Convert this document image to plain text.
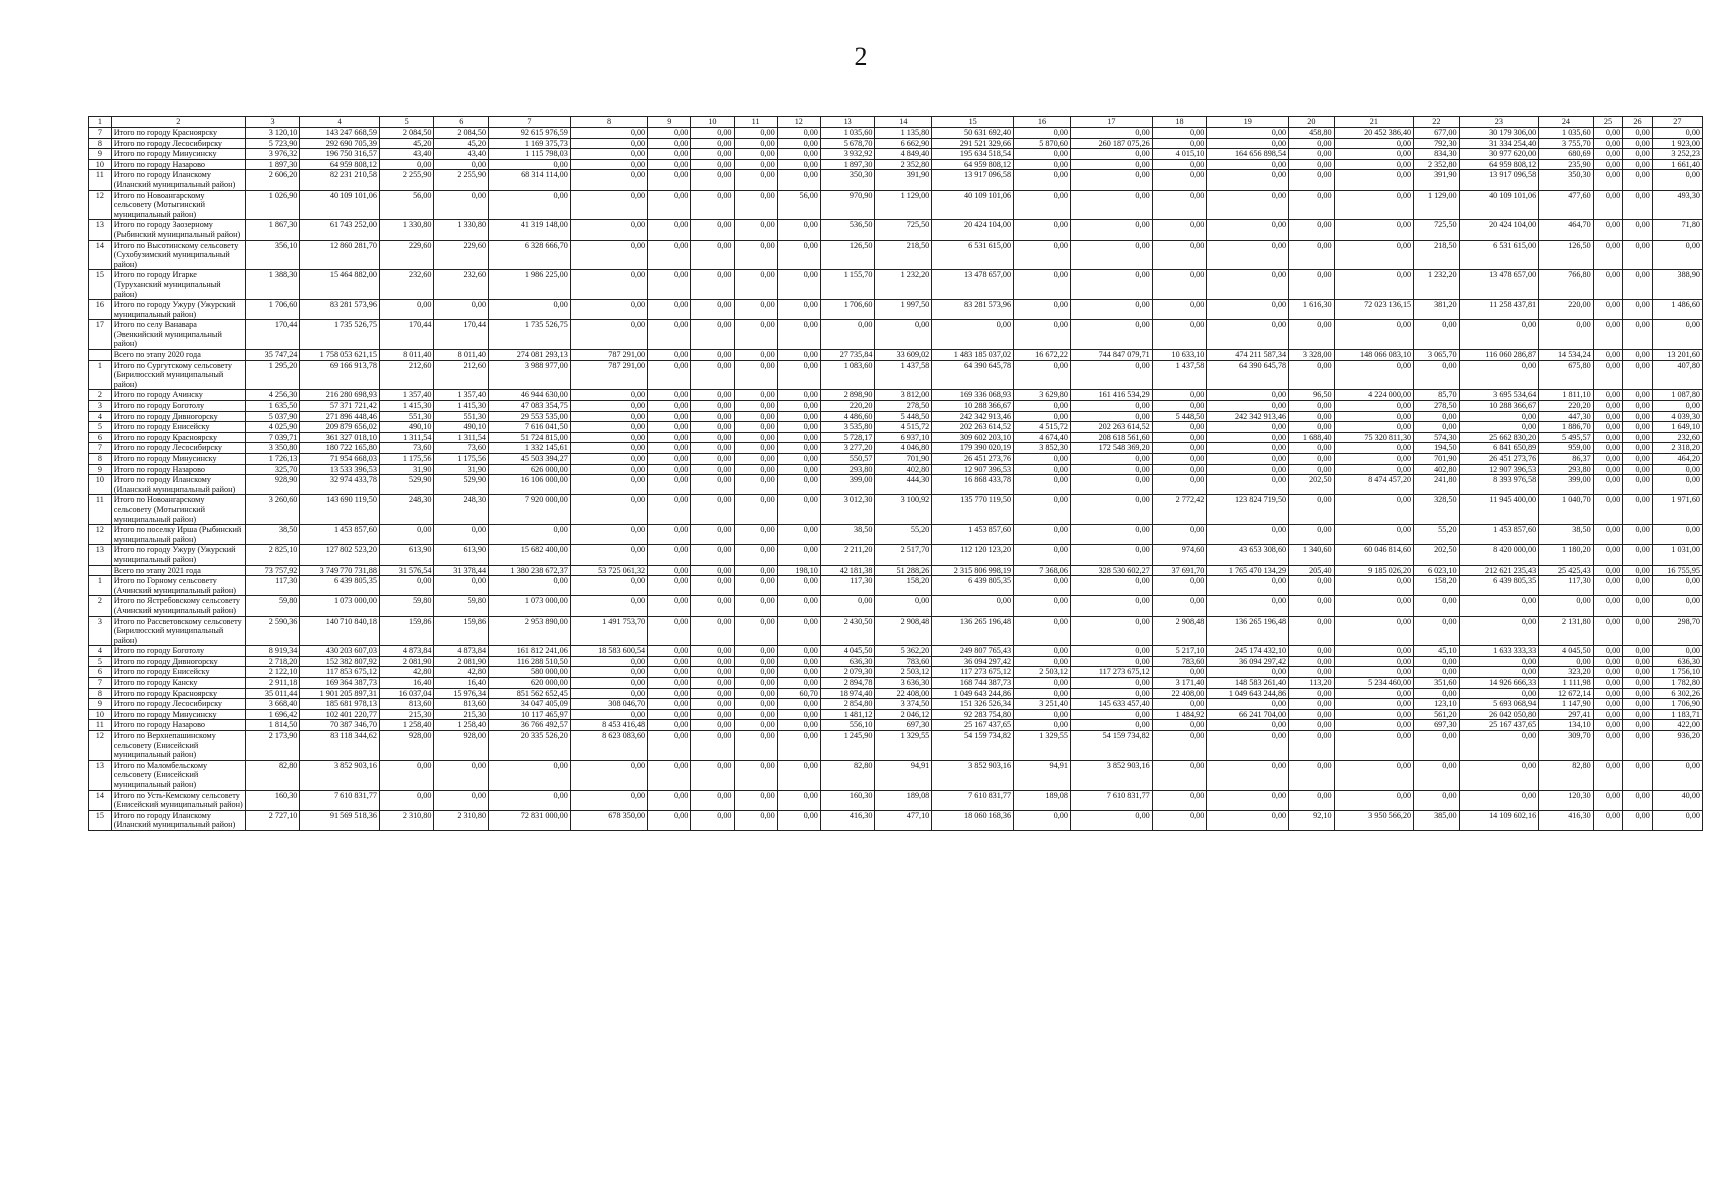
2
1	2	3	4	5	6	7	8	9	10	11	12	13	14	15	16	17	18	19	20	21	22	23	24	25	26	27
7	Итого по городу Красноярску	3 120,10	143 247 668,59	2 084,50	2 084,50	92 615 976,59	0,00	0,00	0,00	0,00	0,00	1 035,60	1 135,80	50 631 692,40	0,00	0,00	0,00	0,00	458,80	20 452 386,40	677,00	30 179 306,00	1 035,60	0,00	0,00	0,00
8	Итого по городу Лесосибирску	5 723,90	292 690 705,39	45,20	45,20	1 169 375,73	0,00	0,00	0,00	0,00	0,00	5 678,70	6 662,90	291 521 329,66	5 870,60	260 187 075,26	0,00	0,00	0,00	0,00	792,30	31 334 254,40	3 755,70	0,00	0,00	1 923,00
9	Итого по городу Минусинску	3 976,32	196 750 316,57	43,40	43,40	1 115 798,03	0,00	0,00	0,00	0,00	0,00	3 932,92	4 849,40	195 634 518,54	0,00	0,00	4 015,10	164 656 898,54	0,00	0,00	834,30	30 977 620,00	680,69	0,00	0,00	3 252,23
10	Итого по городу Назарово	1 897,30	64 959 808,12	0,00	0,00	0,00	0,00	0,00	0,00	0,00	0,00	1 897,30	2 352,80	64 959 808,12	0,00	0,00	0,00	0,00	0,00	0,00	2 352,80	64 959 808,12	235,90	0,00	0,00	1 661,40
11	Итого по городу Иланскому (Иланский муниципальный район)	2 606,20	82 231 210,58	2 255,90	2 255,90	68 314 114,00	0,00	0,00	0,00	0,00	0,00	350,30	391,90	13 917 096,58	0,00	0,00	0,00	0,00	0,00	0,00	391,90	13 917 096,58	350,30	0,00	0,00	0,00
12	Итого по Новоангарскому сельсовету (Мотыгинский муниципальный район)	1 026,90	40 109 101,06	56,00	0,00	0,00	0,00	0,00	0,00	0,00	56,00	970,90	1 129,00	40 109 101,06	0,00	0,00	0,00	0,00	0,00	0,00	1 129,00	40 109 101,06	477,60	0,00	0,00	493,30
13	Итого по городу Заозерному (Рыбинский муниципальный район)	1 867,30	61 743 252,00	1 330,80	1 330,80	41 319 148,00	0,00	0,00	0,00	0,00	0,00	536,50	725,50	20 424 104,00	0,00	0,00	0,00	0,00	0,00	0,00	725,50	20 424 104,00	464,70	0,00	0,00	71,80
14	Итого по Высотинскому сельсовету (Сухобузимский муниципальный район)	356,10	12 860 281,70	229,60	229,60	6 328 666,70	0,00	0,00	0,00	0,00	0,00	126,50	218,50	6 531 615,00	0,00	0,00	0,00	0,00	0,00	0,00	218,50	6 531 615,00	126,50	0,00	0,00	0,00
15	Итого по городу Игарке (Туруханский муниципальный район)	1 388,30	15 464 882,00	232,60	232,60	1 986 225,00	0,00	0,00	0,00	0,00	0,00	1 155,70	1 232,20	13 478 657,00	0,00	0,00	0,00	0,00	0,00	0,00	1 232,20	13 478 657,00	766,80	0,00	0,00	388,90
16	Итого по городу Ужуру (Ужурский муниципальный район)	1 706,60	83 281 573,96	0,00	0,00	0,00	0,00	0,00	0,00	0,00	0,00	1 706,60	1 997,50	83 281 573,96	0,00	0,00	0,00	0,00	1 616,30	72 023 136,15	381,20	11 258 437,81	220,00	0,00	0,00	1 486,60
17	Итого по селу Ванавара (Эвенкийский муниципальный район)	170,44	1 735 526,75	170,44	170,44	1 735 526,75	0,00	0,00	0,00	0,00	0,00	0,00	0,00	0,00	0,00	0,00	0,00	0,00	0,00	0,00	0,00	0,00	0,00	0,00	0,00	0,00
	Всего по этапу 2020 года	35 747,24	1 758 053 621,15	8 011,40	8 011,40	274 081 293,13	787 291,00	0,00	0,00	0,00	0,00	27 735,84	33 609,02	1 483 185 037,02	16 672,22	744 847 079,71	10 633,10	474 211 587,34	3 328,00	148 066 083,10	3 065,70	116 060 286,87	14 534,24	0,00	0,00	13 201,60
1	Итого по Сургутскому сельсовету (Бирилюсский муниципальный район)	1 295,20	69 166 913,78	212,60	212,60	3 988 977,00	787 291,00	0,00	0,00	0,00	0,00	1 083,60	1 437,58	64 390 645,78	0,00	0,00	1 437,58	64 390 645,78	0,00	0,00	0,00	0,00	675,80	0,00	0,00	407,80
2	Итого по городу Ачинску	4 256,30	216 280 698,93	1 357,40	1 357,40	46 944 630,00	0,00	0,00	0,00	0,00	0,00	2 898,90	3 812,00	169 336 068,93	3 629,80	161 416 534,29	0,00	0,00	96,50	4 224 000,00	85,70	3 695 534,64	1 811,10	0,00	0,00	1 087,80
3	Итого по городу Боготолу	1 635,50	57 371 721,42	1 415,30	1 415,30	47 083 354,75	0,00	0,00	0,00	0,00	0,00	220,20	278,50	10 288 366,67	0,00	0,00	0,00	0,00	0,00	0,00	278,50	10 288 366,67	220,20	0,00	0,00	0,00
4	Итого по городу Дивногорску	5 037,90	271 896 448,46	551,30	551,30	29 553 535,00	0,00	0,00	0,00	0,00	0,00	4 486,60	5 448,50	242 342 913,46	0,00	0,00	5 448,50	242 342 913,46	0,00	0,00	0,00	0,00	447,30	0,00	0,00	4 039,30
5	Итого по городу Енисейску	4 025,90	209 879 656,02	490,10	490,10	7 616 041,50	0,00	0,00	0,00	0,00	0,00	3 535,80	4 515,72	202 263 614,52	4 515,72	202 263 614,52	0,00	0,00	0,00	0,00	0,00	0,00	1 886,70	0,00	0,00	1 649,10
6	Итого по городу Красноярску	7 039,71	361 327 018,10	1 311,54	1 311,54	51 724 815,00	0,00	0,00	0,00	0,00	0,00	5 728,17	6 937,10	309 602 203,10	4 674,40	208 618 561,60	0,00	0,00	1 688,40	75 320 811,30	574,30	25 662 830,20	5 495,57	0,00	0,00	232,60
7	Итого по городу Лесосибирску	3 350,80	180 722 165,80	73,60	73,60	1 332 145,61	0,00	0,00	0,00	0,00	0,00	3 277,20	4 046,80	179 390 020,19	3 852,30	172 548 369,20	0,00	0,00	0,00	0,00	194,50	6 841 650,89	959,00	0,00	0,00	2 318,20
8	Итого по городу Минусинску	1 726,13	71 954 668,03	1 175,56	1 175,56	45 503 394,27	0,00	0,00	0,00	0,00	0,00	550,57	701,90	26 451 273,76	0,00	0,00	0,00	0,00	0,00	0,00	701,90	26 451 273,76	86,37	0,00	0,00	464,20
9	Итого по городу Назарово	325,70	13 533 396,53	31,90	31,90	626 000,00	0,00	0,00	0,00	0,00	0,00	293,80	402,80	12 907 396,53	0,00	0,00	0,00	0,00	0,00	0,00	402,80	12 907 396,53	293,80	0,00	0,00	0,00
10	Итого по городу Иланскому (Иланский муниципальный район)	928,90	32 974 433,78	529,90	529,90	16 106 000,00	0,00	0,00	0,00	0,00	0,00	399,00	444,30	16 868 433,78	0,00	0,00	0,00	0,00	202,50	8 474 457,20	241,80	8 393 976,58	399,00	0,00	0,00	0,00
11	Итого по Новоангарскому сельсовету (Мотыгинский муниципальный район)	3 260,60	143 690 119,50	248,30	248,30	7 920 000,00	0,00	0,00	0,00	0,00	0,00	3 012,30	3 100,92	135 770 119,50	0,00	0,00	2 772,42	123 824 719,50	0,00	0,00	328,50	11 945 400,00	1 040,70	0,00	0,00	1 971,60
12	Итого по поселку Ирша (Рыбинский муниципальный район)	38,50	1 453 857,60	0,00	0,00	0,00	0,00	0,00	0,00	0,00	0,00	38,50	55,20	1 453 857,60	0,00	0,00	0,00	0,00	0,00	0,00	55,20	1 453 857,60	38,50	0,00	0,00	0,00
13	Итого по городу Ужуру (Ужурский муниципальный район)	2 825,10	127 802 523,20	613,90	613,90	15 682 400,00	0,00	0,00	0,00	0,00	0,00	2 211,20	2 517,70	112 120 123,20	0,00	0,00	974,60	43 653 308,60	1 340,60	60 046 814,60	202,50	8 420 000,00	1 180,20	0,00	0,00	1 031,00
	Всего по этапу 2021 года	73 757,92	3 749 770 731,88	31 576,54	31 378,44	1 380 238 672,37	53 725 061,32	0,00	0,00	0,00	198,10	42 181,38	51 288,26	2 315 806 998,19	7 368,06	328 530 602,27	37 691,70	1 765 470 134,29	205,40	9 185 026,20	6 023,10	212 621 235,43	25 425,43	0,00	0,00	16 755,95
1	Итого по Горному сельсовету (Ачинский муниципальный район)	117,30	6 439 805,35	0,00	0,00	0,00	0,00	0,00	0,00	0,00	0,00	117,30	158,20	6 439 805,35	0,00	0,00	0,00	0,00	0,00	0,00	158,20	6 439 805,35	117,30	0,00	0,00	0,00
2	Итого по Ястребовскому сельсовету (Ачинский муниципальный район)	59,80	1 073 000,00	59,80	59,80	1 073 000,00	0,00	0,00	0,00	0,00	0,00	0,00	0,00	0,00	0,00	0,00	0,00	0,00	0,00	0,00	0,00	0,00	0,00	0,00	0,00	0,00
3	Итого по Рассветовскому сельсовету (Бирилюсский муниципальный район)	2 590,36	140 710 840,18	159,86	159,86	2 953 890,00	1 491 753,70	0,00	0,00	0,00	0,00	2 430,50	2 908,48	136 265 196,48	0,00	0,00	2 908,48	136 265 196,48	0,00	0,00	0,00	0,00	2 131,80	0,00	0,00	298,70
4	Итого по городу Боготолу	8 919,34	430 203 607,03	4 873,84	4 873,84	161 812 241,06	18 583 600,54	0,00	0,00	0,00	0,00	4 045,50	5 362,20	249 807 765,43	0,00	0,00	5 217,10	245 174 432,10	0,00	0,00	45,10	1 633 333,33	4 045,50	0,00	0,00	0,00
5	Итого по городу Дивногорску	2 718,20	152 382 807,92	2 081,90	2 081,90	116 288 510,50	0,00	0,00	0,00	0,00	0,00	636,30	783,60	36 094 297,42	0,00	0,00	783,60	36 094 297,42	0,00	0,00	0,00	0,00	0,00	0,00	0,00	636,30
6	Итого по городу Енисейску	2 122,10	117 853 675,12	42,80	42,80	580 000,00	0,00	0,00	0,00	0,00	0,00	2 079,30	2 503,12	117 273 675,12	2 503,12	117 273 675,12	0,00	0,00	0,00	0,00	0,00	0,00	323,20	0,00	0,00	1 756,10
7	Итого по городу Канску	2 911,18	169 364 387,73	16,40	16,40	620 000,00	0,00	0,00	0,00	0,00	0,00	2 894,78	3 636,30	168 744 387,73	0,00	0,00	3 171,40	148 583 261,40	113,20	5 234 460,00	351,60	14 926 666,33	1 111,98	0,00	0,00	1 782,80
8	Итого по городу Красноярску	35 011,44	1 901 205 897,31	16 037,04	15 976,34	851 562 652,45	0,00	0,00	0,00	0,00	60,70	18 974,40	22 408,00	1 049 643 244,86	0,00	0,00	22 408,00	1 049 643 244,86	0,00	0,00	0,00	0,00	12 672,14	0,00	0,00	6 302,26
9	Итого по городу Лесосибирску	3 668,40	185 681 978,13	813,60	813,60	34 047 405,09	308 046,70	0,00	0,00	0,00	0,00	2 854,80	3 374,50	151 326 526,34	3 251,40	145 633 457,40	0,00	0,00	0,00	0,00	123,10	5 693 068,94	1 147,90	0,00	0,00	1 706,90
10	Итого по городу Минусинску	1 696,42	102 401 220,77	215,30	215,30	10 117 465,97	0,00	0,00	0,00	0,00	0,00	1 481,12	2 046,12	92 283 754,80	0,00	0,00	1 484,92	66 241 704,00	0,00	0,00	561,20	26 042 050,80	297,41	0,00	0,00	1 183,71
11	Итого по городу Назарово	1 814,50	70 387 346,70	1 258,40	1 258,40	36 766 492,57	8 453 416,48	0,00	0,00	0,00	0,00	556,10	697,30	25 167 437,65	0,00	0,00	0,00	0,00	0,00	0,00	697,30	25 167 437,65	134,10	0,00	0,00	422,00
12	Итого по Верхнепашинскому сельсовету (Енисейский муниципальный район)	2 173,90	83 118 344,62	928,00	928,00	20 335 526,20	8 623 083,60	0,00	0,00	0,00	0,00	1 245,90	1 329,55	54 159 734,82	1 329,55	54 159 734,82	0,00	0,00	0,00	0,00	0,00	0,00	309,70	0,00	0,00	936,20
13	Итого по Маломбельскому сельсовету (Енисейский муниципальный район)	82,80	3 852 903,16	0,00	0,00	0,00	0,00	0,00	0,00	0,00	0,00	82,80	94,91	3 852 903,16	94,91	3 852 903,16	0,00	0,00	0,00	0,00	0,00	0,00	82,80	0,00	0,00	0,00
14	Итого по Усть-Кемскому сельсовету (Енисейский муниципальный район)	160,30	7 610 831,77	0,00	0,00	0,00	0,00	0,00	0,00	0,00	0,00	160,30	189,08	7 610 831,77	189,08	7 610 831,77	0,00	0,00	0,00	0,00	0,00	0,00	120,30	0,00	0,00	40,00
15	Итого по городу Иланскому (Иланский муниципальный район)	2 727,10	91 569 518,36	2 310,80	2 310,80	72 831 000,00	678 350,00	0,00	0,00	0,00	0,00	416,30	477,10	18 060 168,36	0,00	0,00	0,00	0,00	92,10	3 950 566,20	385,00	14 109 602,16	416,30	0,00	0,00	0,00
